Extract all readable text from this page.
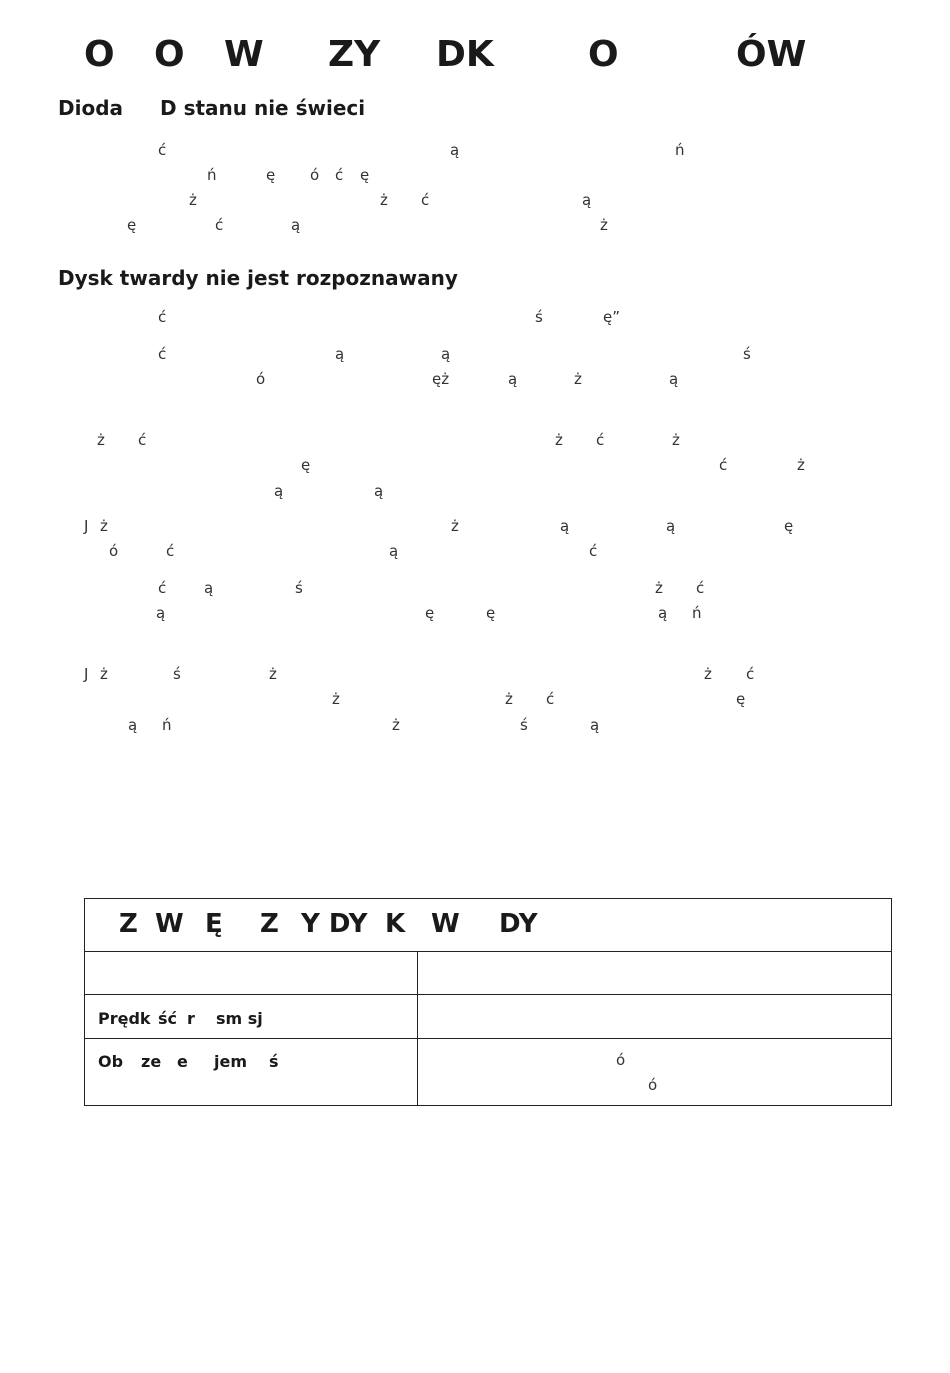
O O W ZY DK	O	ÓW
Dioda D stanu nie świeci
ć	ą	ń
ń	ę ó ć ę
ż	ż ć	ą
ę	ć	ą	ż
Dysk twardy nie jest rozpoznawany
ć	ś	ę”
ć	ą	ą	ś
ó	ęż	ą	ż	ą
ż ć	ż ć	ż
ę	ć	ż
ą	ą
J ż	ż	ą	ą	ę
ó	ć	ą	ć
ć	ą	ś	ż ć
ą	ę	ę	ą ń
J ż	ś	ż	ż ć
ż	ż ć	ę
ą ń	ż	ś	ą
Z W Ę Z Y DY K W DY
Prędk ść r sm sj
Ob ze e jem ś	ó
ó
